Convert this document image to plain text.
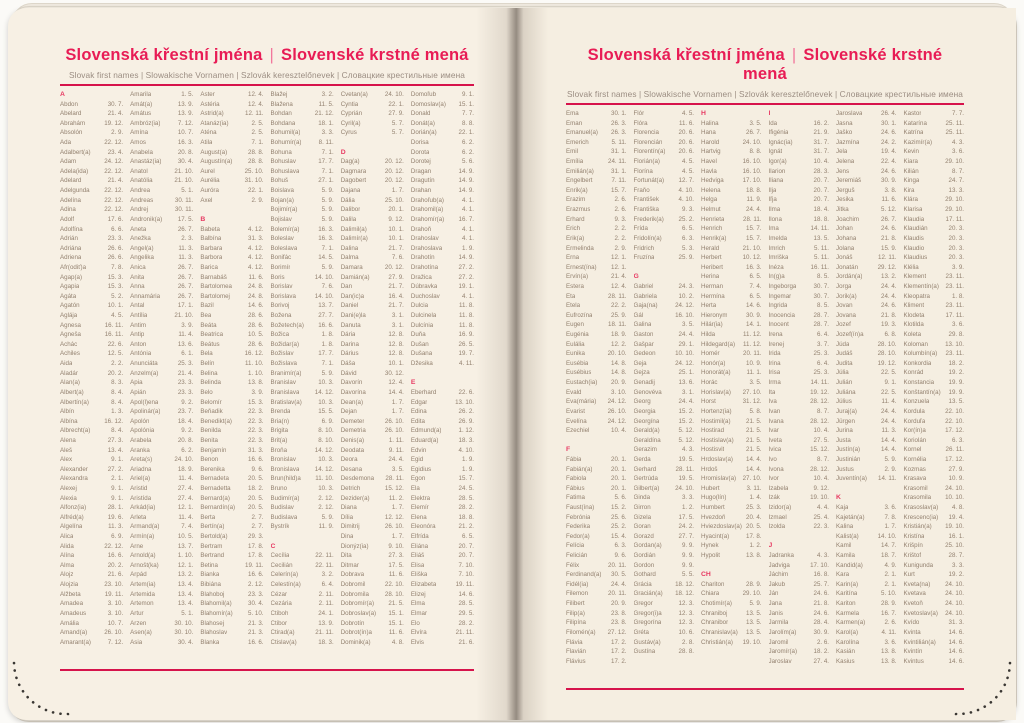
Slovenská křestní jména | Slovenské krstné mená
Slovak first names | Slowakische Vornamen | Szlovák keresztelőnevek | Словацкие крестильные имена
A
Abdon	30. 7.
Abelard	21. 4.
Abrahám	19. 12.
Absolón	2. 9.
Ada	22. 12.
Adalbert(a)	23. 4.
Adam	24. 12.
Adela(ida)	22. 12.
Adelard	21. 4.
Adelgunda	22. 12.
Adelína	22. 12.
Adina	22. 12.
Adolf	17. 6.
Adolfína	6. 6.
Adrián	23. 3.
Adriána	26. 6.
Adriena	26. 6.
Afr(odiť)a	7. 8.
Agap(a)	15. 3.
Agapia	15. 3.
Agáta	5. 2.
Agatón	10. 1.
Aglája	4. 5.
Agnesa	16. 11.
Agneša	16. 11.
Achác	22. 6.
Achiles	12. 5.
Aida	2. 2.
Aladár	20. 2.
Alan(a)	8. 3.
Albert(a)	8. 4.
Albertín(a)	8. 4.
Albín	1. 3.
Albína	16. 12.
Albrecht(a)	8. 4.
Alena	27. 3.
Aleš	13. 4.
Alex	9. 1.
Alexander	27. 2.
Alexandra	2. 1.
Alexej	9. 1.
Alexia	9. 1.
Alfonz(ia)	28. 1.
Alfréd(a)	19. 6.
Algelína	11. 3.
Alica	6. 9.
Alida	22. 12.
Alína	16. 6.
Alma	20. 2.
Alojz	21. 6.
Alojzia	23. 10.
Alžbeta	19. 11.
Amadea	3. 10.
Amadeus	3. 10.
Amália	10. 7.
Amand(a)	26. 10.
Amarant(a)	7. 12.
Amarila	1. 5.
Amát(a)	13. 9.
Amátus	13. 9.
Ambróz(ia)	7. 12.
Amína	10. 7.
Amos	16. 3.
Anabela	20. 8.
Anastáz(ia)	30. 4.
Anatol	21. 10.
Anatólia	21. 10.
Andrea	5. 1.
Andreas	30. 11.
Andrej	30. 11.
Andronik(a)	17. 5.
Aneta	26. 7.
Anežka	2. 3.
Angel(a)	11. 3.
Angelika	11. 3.
Anica	26. 7.
Anita	26. 7.
Anna	26. 7.
Annamária	26. 7.
Antal	17. 1.
Antília	21. 10.
Antim	3. 9.
Antip	11. 4.
Anton	13. 6.
Antónia	6. 1.
Anunciáta	25. 3.
Anzelm(a)	21. 4.
Apia	23. 3.
Apián	23. 3.
Apol(l)ena	9. 2.
Apolinár(a)	23. 7.
Apolón	18. 4.
Apolónia	9. 2.
Arabela	20. 8.
Aranka	6. 2.
Areta(s)	24. 10.
Ariadna	18. 9.
Ariel(a)	11. 4.
Aristid	27. 4.
Aristída	27. 4.
Arkád(ia)	12. 1.
Arleta	11. 4.
Armand(a)	7. 4.
Armín(a)	10. 5.
Arne	13. 7.
Arnold(a)	1. 10.
Arnošt(ka)	12. 1.
Arpád	13. 2.
Artem(ia)	13. 4.
Artemida	13. 4.
Artemon	13. 4.
Artur	5. 1.
Arzen	30. 10.
Asen(a)	30. 10.
Asia	30. 4.
Aster	12. 4.
Astéria	12. 4.
Astrid(a)	12. 11.
Atanáz(ia)	2. 5.
Aténa	2. 5.
Atila	7. 1.
August(a)	28. 8.
Augustín(a)	28. 8.
Aurel	25. 10.
Aurélia	31. 10.
Auróra	22. 1.
Axel	2. 9.
B
Babeta	4. 12.
Balbína	31. 3.
Barbara	4. 12.
Barbora	4. 12.
Barica	4. 12.
Barnabáš	11. 6.
Bartolomea	24. 8.
Bartolomej	24. 8.
Bazil	14. 6.
Bea	28. 6.
Beáta	28. 6.
Beatrica	10. 5.
Beátus	28. 6.
Bela	16. 12.
Belín	11. 10.
Belina	1. 10.
Belinda	13. 8.
Belo	3. 9.
Belomír	15. 3.
Beňadik	22. 3.
Benedikt(a)	22. 3.
Benilda	22. 3.
Benita	22. 3.
Benjamín	31. 3.
Benon	16. 6.
Berenika	9. 6.
Bernadeta	20. 5.
Bernadetta	18. 2.
Bernard(a)	20. 5.
Bernardín(a)	20. 5.
Berta	2. 7.
Bertín(a)	2. 7.
Bertold(a)	29. 3.
Bertram	17. 8.
Bertrand	17. 8.
Betina	19. 11.
Bianka	16. 6.
Bibiána	2. 12.
Blahoboj	23. 3.
Blahomil(a)	30. 4.
Blahomír(a)	5. 10.
Blahosej	21. 3.
Blahoslav	21. 3.
Blanka	16. 6.
Blažej	3. 2.
Blažena	11. 5.
Bohdan	21. 12.
Bohdana	18. 1.
Bohumil(a)	3. 3.
Bohumír(a)	8. 11.
Bohuna	7. 1.
Bohuslav	17. 7.
Bohuslava	7. 1.
Bohuš	27. 1.
Boislava	5. 9.
Bojan(a)	5. 9.
Bojimír(a)	5. 9.
Bojislav	5. 9.
Bolemír(a)	16. 3.
Boleslav	16. 3.
Boleslava	7. 1.
Bonifác	14. 5.
Borimír	5. 9.
Boris	14. 10.
Borislav	7. 6.
Borislava	14. 10.
Borivoj	13. 7.
Božena	27. 7.
Božetech(a)	16. 6.
Božica	1. 8.
Božidar(a)	1. 8.
Božislav	17. 7.
Božislava	7. 1.
Branimír(a)	5. 9.
Branislav	10. 3.
Branislava	14. 12.
Bratislav(a)	10. 3.
Brenda	15. 5.
Bria(n)	6. 9.
Brigita	8. 10.
Brit(a)	8. 10.
Broňa	14. 12.
Bronislav	10. 3.
Bronislava	14. 12.
Brun(hild)a	11. 10.
Bruno	10. 3.
Budimír(a)	2. 12.
Budislav	2. 12.
Budislava	5. 9.
Bystrík	11. 9.
C
Cecília	22. 11.
Cecilián	22. 11.
Celerín(a)	3. 2.
Celestín(a)	6. 4.
Cézar	2. 11.
Cezária	2. 11.
Ctiboh	24. 1.
Ctibor	13. 9.
Ctirad(a)	21. 11.
Ctislav(a)	18. 3.
Cvetan(a)	24. 10.
Cyntia	22. 1.
Cyprián	27. 9.
Cyril(a)	5. 7.
Cyrus	5. 7.
D
Dag(a)	20. 12.
Dagmara	20. 12.
Dagobert	20. 12.
Dajana	1. 7.
Dália	25. 10.
Dalibor	20. 1.
Dalila	9. 12.
Dalimil(a)	10. 1.
Dalimír(a)	10. 1.
Dalina	21. 7.
Dalma	7. 6.
Damara	20. 12.
Damián(a)	27. 9.
Dan	21. 7.
Dan(ic)a	16. 4.
Daniel	21. 7.
Dani(e)la	3. 1.
Danuta	3. 1.
Dária	12. 8.
Darina	12. 8.
Dárius	12. 8.
Dáša	10. 1.
Dávid	30. 12.
Davorín	12. 4.
Davorína	14. 4.
Dean(a)	1. 7.
Dejan	1. 7.
Demeter	26. 10.
Demetria	26. 10.
Denis(a)	1. 11.
Deodata	9. 11.
Deora	24. 4.
Desana	3. 5.
Desdemona	28. 11.
Detrich	15. 12.
Dezider(a)	11. 2.
Diana	1. 7.
Dília	12. 12.
Dimitrij	26. 10.
Dina	1. 7.
Dionýz(ia)	9. 10.
Dita	27. 3.
Ditmar	17. 5.
Dobrava	11. 6.
Dobromil	22. 10.
Dobromila	28. 10.
Dobromír(a)	21. 5.
Dobroslav(a)	15. 1.
Dobrotín	15. 1.
Dobrot(ín)a	11. 6.
Dominik(a)	4. 8.
Domoľub	9. 1.
Domoslav(a)	15. 1.
Donald	7. 7.
Donát(a)	8. 8.
Dorián(a)	22. 1.
Dorisa	6. 2.
Dorota	6. 2.
Dorotej	5. 6.
Dragan	14. 9.
Dragutín	14. 9.
Drahan	14. 9.
Drahoľub(a)	4. 1.
Drahomil(a)	4. 1.
Drahomír(a)	16. 7.
Drahoň	4. 1.
Drahoslav	4. 1.
Drahoslava	1. 9.
Drahotín	14. 9.
Drahotína	27. 2.
Dražica	27. 2.
Dúbravka	19. 1.
Duchoslav	4. 1.
Dulcia	11. 8.
Dulcinela	11. 8.
Dulcínia	11. 8.
Duňa	16. 9.
Dušan	26. 5.
Dušana	19. 7.
Džesika	4. 11.
E
Eberhard	22. 6.
Edgar	13. 10.
Edina	26. 2.
Edita	26. 9.
Edmund(a)	1. 12.
Eduard(a)	18. 3.
Edvin	4. 10.
Egid	1. 9.
Egidius	1. 9.
Egon	15. 7.
Ela	24. 5.
Elektra	28. 5.
Elemír	28. 2.
Elena	18. 8.
Eleonóra	21. 2.
Elfrída	6. 5.
Eliána	20. 7.
Eliáš	20. 7.
Elisa	7. 10.
Eliška	7. 10.
Elizabeta	19. 11.
Elizej	14. 6.
Elma	28. 5.
Elmar	29. 5.
Elo	28. 2.
Elvíra	21. 11.
Elvis	21. 6.
Slovenská křestní jména | Slovenské krstné mená
Slovak first names | Slowakische Vornamen | Szlovák keresztelőnevek | Словацкие крестильные имена
Ema	30. 1.
Eman	26. 3.
Emanuel(a)	26. 3.
Emerich	5. 11.
Emil	31. 1.
Emília	24. 11.
Emilián(a)	31. 1.
Engelbert	7. 11.
Enrik(a)	15. 7.
Erazim	2. 6.
Erazmus	2. 6.
Erhard	9. 3.
Erich	2. 2.
Erik(a)	2. 2.
Ermelinda	2. 9.
Erna	12. 1.
Ernest(ína)	12. 1.
Ervín(a)	21. 4.
Estera	12. 4.
Eta	28. 11.
Etela	22. 2.
Eufrozína	25. 9.
Eugen	18. 11.
Eugénia	18. 9.
Eulália	12. 2.
Eunika	20. 10.
Eusébia	14. 8.
Eusébius	14. 8.
Eustach(ia)	20. 9.
Evald	3. 10.
Eva(mária)	24. 12.
Evarist	26. 10.
Evelína	24. 12.
Ezechiel	10. 4.
F
Fábia	20. 1.
Fabián(a)	20. 1.
Fabiola	20. 1.
Fábius	20. 1.
Fatima	5. 6.
Faust(ína)	15. 2.
Febrónia	25. 6.
Federika	25. 2.
Fedor(a)	15. 4.
Felícia	6. 3.
Felicián	9. 6.
Félix	20. 11.
Ferdinand(a)	30. 5.
Fidél(ia)	24. 4.
Filemon	20. 11.
Filibert	20. 9.
Filip(a)	23. 8.
Filipína	23. 8.
Filomén(a)	27. 12.
Flávia	17. 2.
Flavián	17. 2.
Flávius	17. 2.
Flór	4. 5.
Flóra	11. 6.
Florencia	20. 6.
Florencián	20. 6.
Florentín(a)	20. 6.
Florián(a)	4. 5.
Florína	4. 5.
Fortunát(a)	12. 7.
Fraňo	4. 10.
František	4. 10.
Františka	9. 3.
Frederik(a)	25. 2.
Frída	6. 5.
Fridolín(a)	6. 3.
Fridrich	5. 3.
Fruzína	25. 9.
G
Gabriel	24. 3.
Gabriela	10. 2.
Gaja(na)	24. 12.
Gál	16. 10.
Galina	3. 5.
Gaston	24. 4.
Gašpar	29. 1.
Gedeon	10. 10.
Geja	24. 12.
Gejza	25. 1.
Genadij	13. 6.
Genovéva	3. 1.
Georg	24. 4.
Georgia	15. 2.
Georgína	15. 2.
Gerald(a)	5. 12.
Geraldína	5. 12.
Gerazim	4. 3.
Gerda	19. 5.
Gerhard	28. 11.
Gertrúda	19. 5.
Gilbert(a)	24. 10.
Ginda	3. 3.
Girron	1. 2.
Gizela	17. 5.
Goran	24. 2.
Gorazd	27. 7.
Gordan(a)	9. 9.
Gordián	9. 9.
Gordon	9. 9.
Gothard	5. 5.
Grácia	18. 12.
Gracián(a)	18. 12.
Gregor	12. 3.
Gregor(i)a	12. 3.
Gregorína	12. 3.
Gréta	10. 6.
Gustáv(a)	2. 8.
Gustína	28. 8.
H
Halina	3. 5.
Hana	26. 7.
Harold	24. 10.
Hartvig	8. 8.
Havel	16. 10.
Havla	16. 10.
Hedviga	17. 10.
Helena	18. 8.
Helga	11. 9.
Helmut	24. 4.
Henrieta	28. 11.
Henrich	15. 7.
Henrik(a)	15. 7.
Herald	21. 10.
Herbert	10. 12.
Heribert	16. 3.
Herina	6. 5.
Herman	7. 4.
Hermína	6. 5.
Herta	14. 6.
Hieronym	30. 9.
Hilár(ia)	14. 1.
Hilda	11. 12.
Hildegard(a)	11. 12.
Homér	20. 11.
Honór(a)	10. 9.
Honorát(a)	11. 1.
Horác	3. 5.
Horislav(a)	27. 10.
Horst	31. 12.
Hortenz(ia)	5. 8.
Hostimil(a)	21. 5.
Hostirad	21. 5.
Hostislav(a)	21. 5.
Hostisvit	21. 5.
Hrdoslav(a)	14. 4.
Hrdoš	14. 4.
Hromislav(a)	27. 10.
Hubert	3. 11.
Hugo(lín)	1. 4.
Humbert	25. 3.
Hvezdoň	20. 4.
Hviezdoslav(a) 20. 5.
Hyacint(a)	17. 8.
Hynek	1. 2.
Hypolit	13. 8.
CH
Chariton	28. 9.
Chiara	29. 10.
Chotimír(a)	5. 9.
Chraniboj	13. 5.
Chranibor	13. 5.
Chranislav(a)	13. 5.
Christián(a)	19. 10.
I
Ida	16. 2.
Ifigénia	21. 9.
Ignác(ia)	31. 7.
Ignát	31. 7.
Igor(a)	10. 4.
Ilarion	28. 3.
Iliana	20. 7.
Ilja	20. 7.
Iľja	20. 7.
Ilma	18. 4.
Ilona	18. 8.
Ima	14. 11.
Imelda	13. 5.
Imrich	5. 11.
Imriška	5. 11.
Inéza	16. 11.
In(g)a	8. 5.
Ingeborga	30. 7.
Ingemar	30. 7.
Ingrida	8. 5.
Inocencia	28. 7.
Inocent	28. 7.
Irena	6. 4.
Irenej	3. 7.
Irida	25. 3.
Irina	6. 4.
Irisa	25. 3.
Irma	14. 11.
Ita	19. 12.
Iva	28. 12.
Ivan	8. 7.
Ivana	28. 12.
Ivar	10. 4.
Iveta	27. 5.
Ivica	15. 12.
Ivo	8. 7.
Ivona	28. 12.
Ivor	10. 4.
Izabela	9. 12.
Izák	19. 10.
Izidor(a)	4. 4.
Izmael	25. 4.
Izolda	22. 3.
J
Jadranka	4. 3.
Jadviga	17. 10.
Jáchim	16. 8.
Jakub	25. 7.
Ján	24. 6.
Jana	21. 8.
Janis	24. 6.
Jarmila	28. 4.
Jarolím(a)	30. 9.
Jaromil	2. 6.
Jaromír(a)	18. 2.
Jaroslav	27. 4.
Jaroslava	26. 4.
Jasna	30. 1.
Jaško	24. 6.
Jazmína	24. 2.
Jela	19. 4.
Jelena	22. 4.
Jens	24. 6.
Jeremiáš	30. 9.
Jerguš	3. 8.
Jesika	11. 6.
Jitka	5. 12.
Joachim	26. 7.
Johan	24. 6.
Johana	21. 8.
Jolana	15. 9.
Jonáš	12. 11.
Jonatán	29. 12.
Jordán(a)	13. 2.
Jorga	24. 4.
Jorik(a)	24. 4.
Jovan	24. 6.
Jovana	21. 8.
Jozef	19. 3.
Jozef(ín)a	6. 8.
Júda	28. 10.
Judáš	28. 10.
Judita	19. 12.
Júlia	22. 5.
Julián	9. 1.
Juliána	22. 5.
Július	11. 4.
Juraj(a)	24. 4.
Jürgen	24. 4.
Jurina	11. 3.
Justa	14. 4.
Justín(a)	14. 4.
Justinián	5. 9.
Justus	2. 9.
Juventín(a)	14. 11.
K
Kaja	3. 6.
Kajetán(a)	7. 8.
Kalina	1. 7.
Kalist(a)	14. 10.
Kamil	14. 7.
Kamila	18. 7.
Kandid(a)	4. 9.
Kara	2. 1.
Karin(a)	2. 1.
Karitína	5. 10.
Kariton	28. 9.
Karmela	16. 7.
Karmen(a)	2. 6.
Karol(a)	4. 11.
Karolína	3. 6.
Kasián	13. 8.
Kasius	13. 8.
Kastor	7. 7.
Katarína	25. 11.
Katrína	25. 11.
Kazimír(a)	4. 3.
Kevin	3. 6.
Kiara	29. 10.
Kilián	8. 7.
Kinga	24. 7.
Kira	13. 3.
Klára	29. 10.
Klarisa	29. 10.
Klaudia	17. 11.
Klaudián	20. 3.
Klaudis	20. 3.
Klaudio	20. 3.
Klaudius	20. 3.
Klélia	3. 9.
Klement	23. 11.
Klementín(a)	23. 11.
Kleopatra	1. 8.
Kliment	23. 11.
Klodeta	17. 11.
Klotilda	3. 6.
Koleta	29. 8.
Koloman	13. 10.
Kolumbín(a)	23. 11.
Konkordia	18. 2.
Konrád	19. 2.
Konstancia	19. 9.
Konštantín(a)	19. 9.
Konzuela	13. 5.
Kordula	22. 10.
Korduľa	22. 10.
Kor(ín)a	17. 12.
Koriolán	6. 3.
Kornel	26. 11.
Kornélia	17. 12.
Kozmas	27. 9.
Krasava	10. 9.
Krasomil	24. 10.
Krasomila	10. 10.
Krasoslav(a)	4. 8.
Krescenc(ia)	19. 4.
Kristián(a)	19. 10.
Kristína	16. 1.
Krišpín	25. 10.
Krištof	28. 7.
Kunigunda	3. 3.
Kurt	19. 2.
Kveta(na)	24. 10.
Kvetava	24. 10.
Kvetoň	24. 10.
Kvetoslav(a)	24. 10.
Kvído	31. 3.
Kvinta	14. 6.
Kvintilián(a)	14. 6.
Kvintín	14. 6.
Kvintus	14. 6.
